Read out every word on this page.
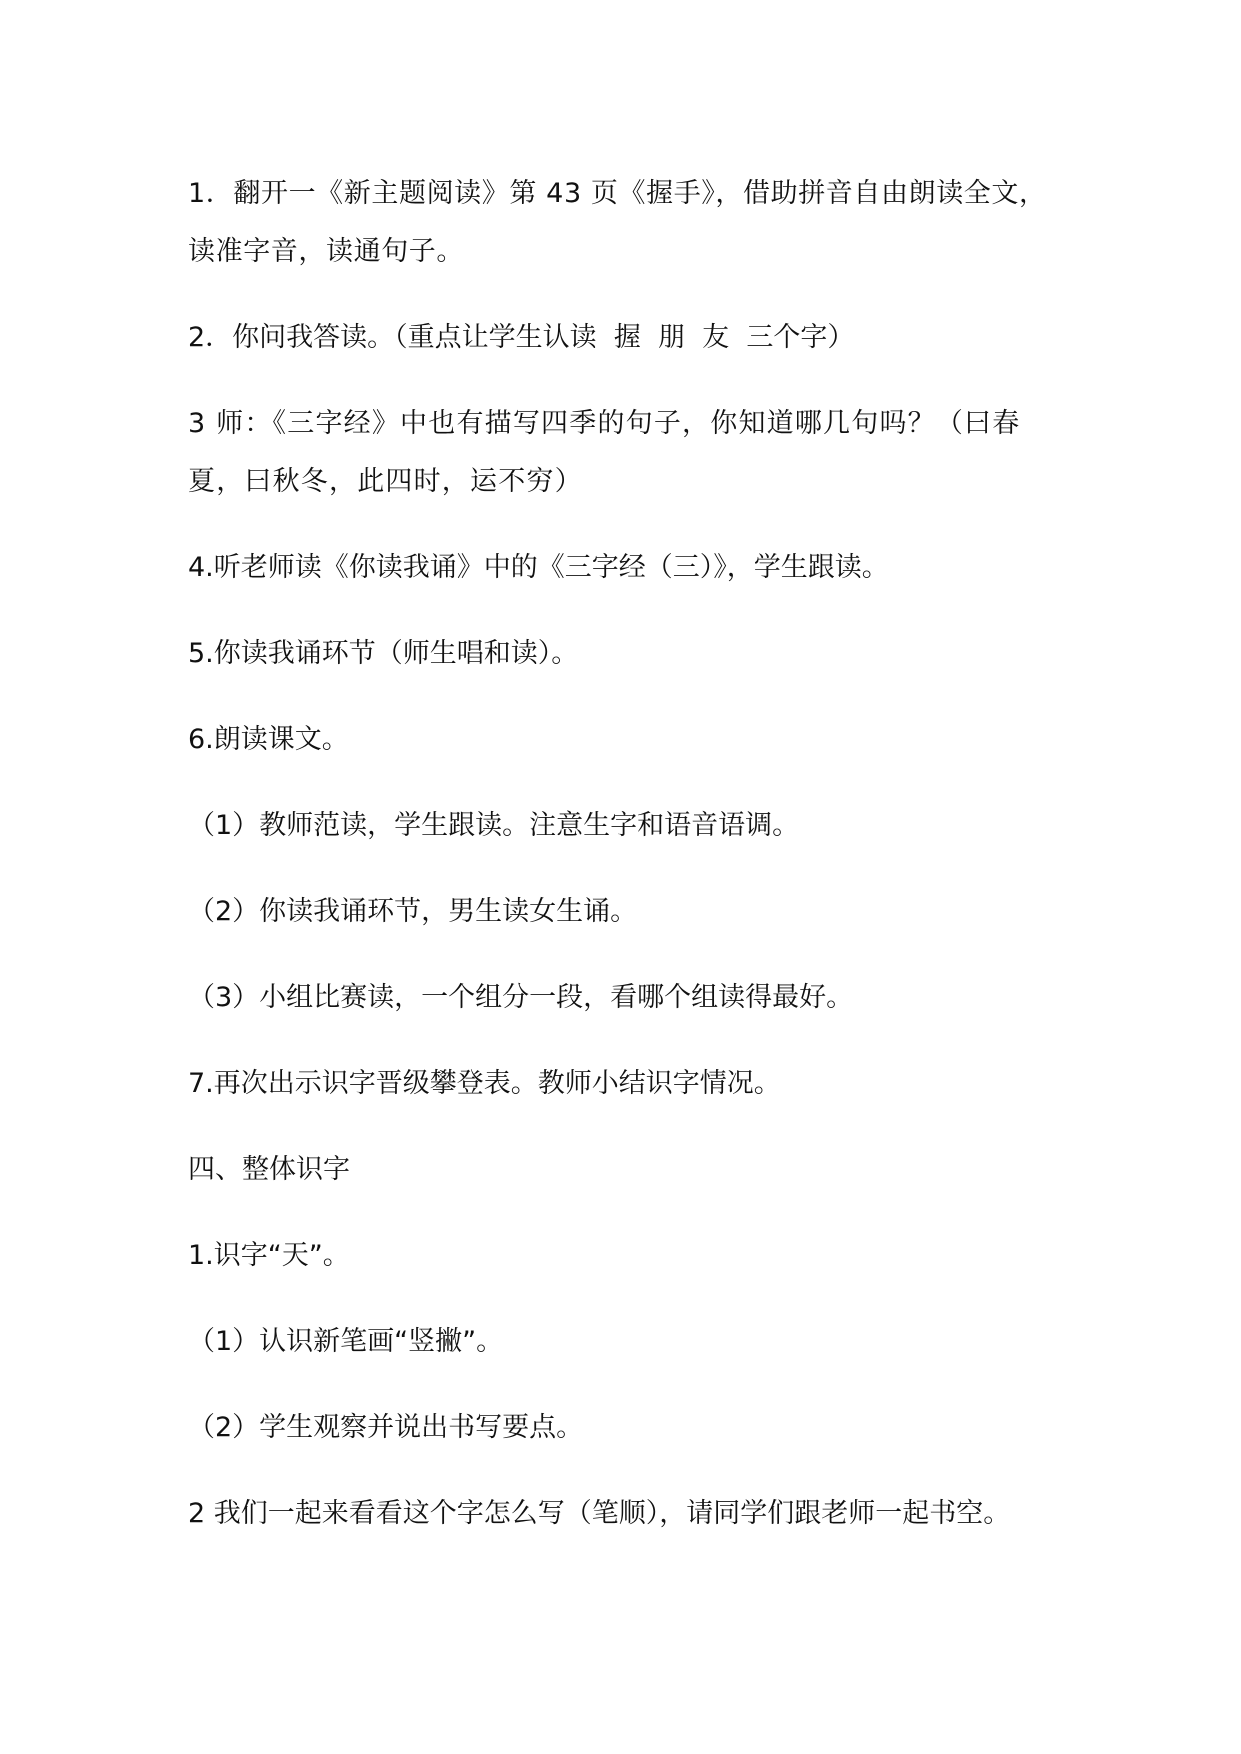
1．翻开一《新主题阅读》第 43 页《握手》，借助拼音自由朗读全文，读准字音，读通句子。

2．你问我答读。（重点让学生认读  握  朋  友  三个字）

3 师：《三字经》中也有描写四季的句子，你知道哪几句吗？（曰春夏，曰秋冬，此四时，运不穷）

4.听老师读《你读我诵》中的《三字经（三）》，学生跟读。

5.你读我诵环节（师生唱和读）。

6.朗读课文。

（1）教师范读，学生跟读。注意生字和语音语调。

（2）你读我诵环节，男生读女生诵。

（3）小组比赛读，一个组分一段，看哪个组读得最好。

7.再次出示识字晋级攀登表。教师小结识字情况。

四、整体识字

1.识字“天”。

（1）认识新笔画“竖撇”。

（2）学生观察并说出书写要点。

2 我们一起来看看这个字怎么写（笔顺），请同学们跟老师一起书空。
